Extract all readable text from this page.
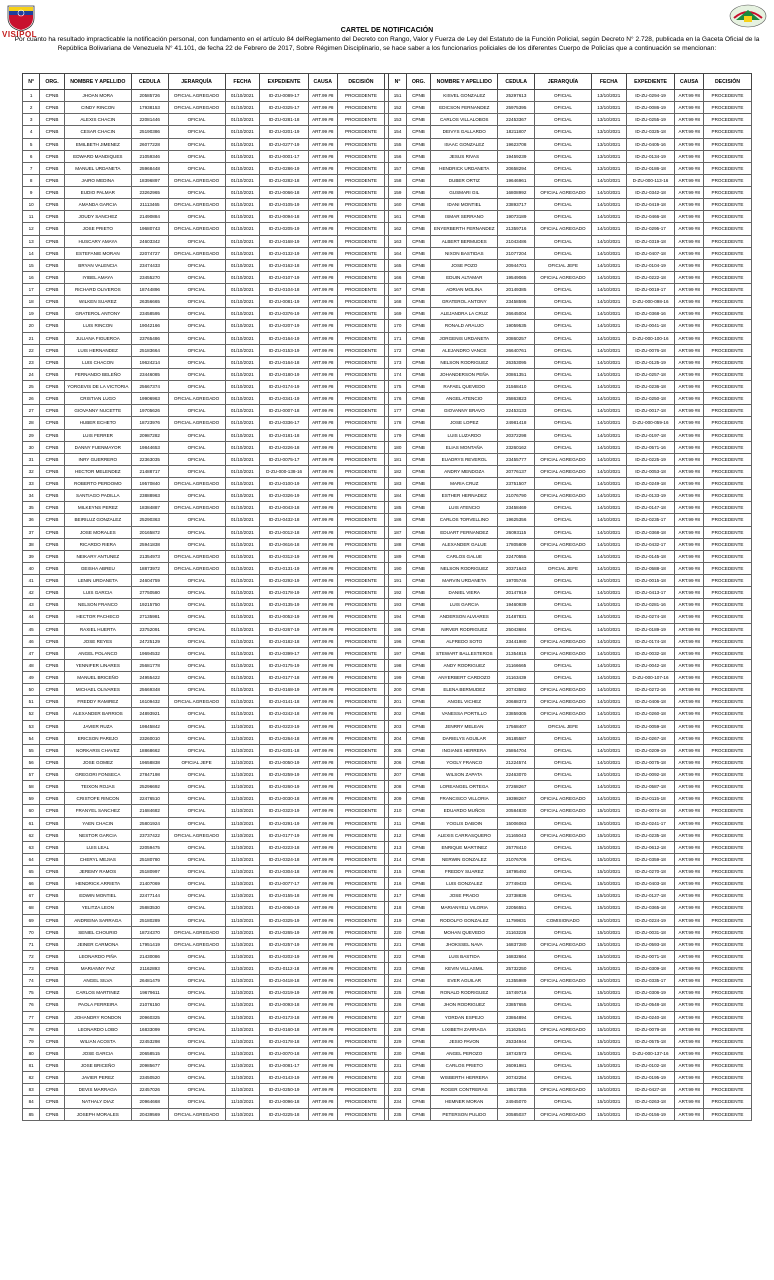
VISIPOL	CARTEL DE NOTIFICACIÓN
Por cuanto ha resultado impracticable la notificación personal, con fundamento en el artículo 84 delReglamento del Decreto con Rango, Valor y Fuerza de Ley del Estatuto de la Función Policial, según Decreto N° 2.728, publicada en la Gaceta Oficial de la República Bolivariana de Venezuela N° 41.101, de fecha 22 de Febrero de 2017, Sobre Régimen Disciplinario, se hace saber a los funcionarios policiales de los diferentes Cuerpo de Policías que a continuación se mencionan:
N°	ORG.	NOMBRE Y APELLIDO	CEDULA	JERARQUÍA	FECHA	EXPEDIENTE	CAUSA	DECISIÓN		N°	ORG.	NOMBRE Y APELLIDO	CEDULA	JERARQUÍA	FECHA	EXPEDIENTE	CAUSA	DECISIÓN
1	CPNB	JHOAN MORA	20585726	OFICIAL AGREGADO	01/10/2021	ID-ZU-0089-17	ART.99 #8	PROCEDENTE		151	CPNB	KISVEL GONZALEZ	25297613	OFICIAL	13/10/2021	ID-ZU-0294-19	ART.99 #8	PROCEDENTE
2	CPNB	CINDY RINCON	17938153	OFICIAL AGREGADO	01/10/2021	ID-ZU-0325-17	ART.99 #8	PROCEDENTE		152	CPNB	EDICSON FERNANDEZ	25975395	OFICIAL	13/10/2021	ID-ZU-0086-19	ART.99 #8	PROCEDENTE
3	CPNB	ALEXIS CHACIN	22081446	OFICIAL	01/10/2021	ID-ZU-0281-18	ART.99 #8	PROCEDENTE		153	CPNB	CARLOS VILLALOBOS	22453367	OFICIAL	13/10/2021	ID-ZU-0255-19	ART.99 #8	PROCEDENTE
4	CPNB	CESAR CHACIN	25190386	OFICIAL	01/10/2021	ID-ZU-0201-19	ART.99 #8	PROCEDENTE		154	CPNB	DEIVYS GALLARDO	18211807	OFICIAL	13/10/2021	ID-ZU-0325-18	ART.99 #8	PROCEDENTE
5	CPNB	EMILBETH JIMENEZ	26077228	OFICIAL	01/10/2021	ID-ZU-0277-19	ART.99 #8	PROCEDENTE		155	CPNB	ISAAC GONZALEZ	19623708	OFICIAL	13/10/2021	ID-ZU-0405-16	ART.99 #8	PROCEDENTE
6	CPNB	EDWARD MANDIQUES	21059346	OFICIAL	01/10/2021	ID-ZU-0001-17	ART.99 #8	PROCEDENTE		156	CPNB	JESUS RIVAS	19459239	OFICIAL	13/10/2021	ID-ZU-0134-19	ART.99 #8	PROCEDENTE
7	CPNB	MANUEL URDANETA	25968448	OFICIAL	01/10/2021	ID-ZU-0286-19	ART.99 #8	PROCEDENTE		157	CPNB	HENDRICK URDANETA	20658294	OFICIAL	13/10/2021	ID-ZU-0186-18	ART.99 #8	PROCEDENTE
8	CPNB	JAIRO MEDINA	18396897	OFICIAL AGREGADO	01/10/2021	ID-ZU-0282-18	ART.99 #8	PROCEDENTE		158	CPNB	DUBER ORTIZ	19646961	OFICIAL	14/10/2021	D-ZU-000-113-16	ART.99 #8	PROCEDENTE
9	CPNB	EUDIO PALMAR	23262965	OFICIAL	01/10/2021	ID-ZU-0066-18	ART.99 #8	PROCEDENTE		159	CPNB	GUSMARI GIL	16808992	OFICIAL AGREGADO	14/10/2021	ID-ZU-0342-18	ART.99 #8	PROCEDENTE
10	CPNB	AMANDA GARCIA	21113465	OFICIAL AGREGADO	01/10/2021	ID-ZU-0105-19	ART.99 #8	PROCEDENTE		160	CPNB	IDANI MONTIEL	23893717	OFICIAL	14/10/2021	ID-ZU-0419-18	ART.99 #8	PROCEDENTE
11	CPNB	JOUDY SANCHEZ	21490884	OFICIAL	01/10/2021	ID-ZU-0094-18	ART.99 #8	PROCEDENTE		161	CPNB	ISMAR SERRANO	19073189	OFICIAL	14/10/2021	ID-ZU-0466-18	ART.99 #8	PROCEDENTE
12	CPNB	JOSE PRIETO	19680743	OFICIAL AGREGADO	01/10/2021	ID-ZU-0205-19	ART.99 #8	PROCEDENTE		162	CPNB	ENYERBERTH FERNANDEZ	21359716	OFICIAL AGREGADO	14/10/2021	ID-ZU-0295-17	ART.99 #8	PROCEDENTE
13	CPNB	HUSCARY AMAYA	24603342	OFICIAL	01/10/2021	ID-ZU-0168-19	ART.99 #8	PROCEDENTE		163	CPNB	ALBERT BERMUDES	21043486	OFICIAL	14/10/2021	ID-ZU-0319-18	ART.99 #8	PROCEDENTE
14	CPNB	ESTEFANIE MORAN	22074727	OFICIAL AGREGADO	01/10/2021	ID-ZU-0132-19	ART.99 #8	PROCEDENTE		164	CPNB	NIXON BASTIDAS	21077204	OFICIAL	14/10/2021	ID-ZU-0407-18	ART.99 #8	PROCEDENTE
15	CPNB	BRYAN VALENCIA	23474433	OFICIAL	01/10/2021	ID-ZU-0162-18	ART.99 #8	PROCEDENTE		165	CPNB	JOSE POZO	20944701	OFICIAL JEFE	14/10/2021	ID-ZU-0104-19	ART.99 #8	PROCEDENTE
16	CPNB	IYIBEL AMAYA	23455270	OFICIAL	01/10/2021	ID-ZU-0107-19	ART.99 #8	PROCEDENTE		166	CPNB	EDUIN ALTAMAR	19549065	OFICIAL AGREGADO	14/10/2021	ID-ZU-0222-18	ART.99 #8	PROCEDENTE
17	CPNB	RICHARD OLIVEROS	18744896	OFICIAL	01/10/2021	ID-ZU-0104-18	ART.99 #8	PROCEDENTE		167	CPNB	ADRIAN MOLINA	20149385	OFICIAL	14/10/2021	ID-ZU-0019-17	ART.99 #8	PROCEDENTE
18	CPNB	WILKEN SUAREZ	26356665	OFICIAL	01/10/2021	ID-ZU-0081-19	ART.99 #8	PROCEDENTE		168	CPNB	GRATEROL ANTONY	23458595	OFICIAL	14/10/2021	D-ZU-000-098-16	ART.99 #8	PROCEDENTE
19	CPNB	GRATEROL ANTONY	23458595	OFICIAL	01/10/2021	ID-ZU-0376-19	ART.99 #8	PROCEDENTE		169	CPNB	ALEJANDRA LA CRUZ	26645004	OFICIAL	14/10/2021	ID-ZU-0368-16	ART.99 #8	PROCEDENTE
20	CPNB	LUIS RINCON	19042166	OFICIAL	01/10/2021	ID-ZU-0207-19	ART.99 #8	PROCEDENTE		170	CPNB	RONALD ARAUJO	19059535	OFICIAL	14/10/2021	ID-ZU-0041-18	ART.99 #8	PROCEDENTE
21	CPNB	JULIANA FIGUEROA	23765486	OFICIAL	01/10/2021	ID-ZU-0164-19	ART.99 #8	PROCEDENTE		171	CPNB	JORGENIS URDANETA	20860257	OFICIAL	14/10/2021	D-ZU-000-100-16	ART.99 #8	PROCEDENTE
22	CPNB	LUIS HERNANDEZ	25183664	OFICIAL	01/10/2021	ID-ZU-0153-19	ART.99 #8	PROCEDENTE		172	CPNB	ALEJANDRO VANCE	26640761	OFICIAL	14/10/2021	ID-ZU-0076-18	ART.99 #8	PROCEDENTE
23	CPNB	LUIS CHACON	19624214	OFICIAL	01/10/2021	ID-ZU-0164-18	ART.99 #8	PROCEDENTE		173	CPNB	NELSON RODRIGUEZ	26353095	OFICIAL	14/10/2021	ID-ZU-0125-19	ART.99 #8	PROCEDENTE
24	CPNB	FERNANDO BELEÑO	23446085	OFICIAL	01/10/2021	ID-ZU-0180-19	ART.99 #8	PROCEDENTE		174	CPNB	JOHANDERSON PEÑA	20861351	OFICIAL	14/10/2021	ID-ZU-0257-18	ART.99 #8	PROCEDENTE
25	CPNB	YORGEVIS DE LA VICTORIA	25667374	OFICIAL	01/10/2021	ID-ZU-0174-19	ART.99 #8	PROCEDENTE		175	CPNB	RAFAEL QUEVEDO	21568410	OFICIAL	14/10/2021	ID-ZU-0236-18	ART.99 #8	PROCEDENTE
26	CPNB	CRISTIAN LUGO	19906963	OFICIAL AGREGADO	01/10/2021	ID-ZU-0341-19	ART.99 #8	PROCEDENTE		176	CPNB	ANGEL ATENCIO	25863823	OFICIAL	14/10/2021	ID-ZU-0250-18	ART.99 #8	PROCEDENTE
27	CPNB	GIOVANNY NUCETTE	19705626	OFICIAL	01/10/2021	ID-ZU-0007-18	ART.99 #8	PROCEDENTE		177	CPNB	GIOVANNY BRAVO	22453133	OFICIAL	14/10/2021	ID-ZU-0017-18	ART.99 #8	PROCEDENTE
28	CPNB	HUBER ECHETO	18723976	OFICIAL AGREGADO	01/10/2021	ID-ZU-0336-17	ART.99 #8	PROCEDENTE		178	CPNB	JOSE LOPEZ	24981418	OFICIAL	14/10/2021	D-ZU-000-059-16	ART.99 #8	PROCEDENTE
29	CPNB	LUIS FERRER	20987282	OFICIAL	01/10/2021	ID-ZU-0181-18	ART.99 #8	PROCEDENTE		179	CPNB	LUIS LUZARDO	20372298	OFICIAL	14/10/2021	ID-ZU-0197-18	ART.99 #8	PROCEDENTE
30	CPNB	DANNY FUENMAYOR	19844653	OFICIAL	01/10/2021	ID-ZU-0226-18	ART.99 #8	PROCEDENTE		180	CPNB	ELIAS MONTAÑA	23260162	OFICIAL	14/10/2021	ID-ZU-0571-16	ART.99 #8	PROCEDENTE
31	CPNB	INRY GUERRERO	22363035	OFICIAL	01/10/2021	ID-ZU-0075-17	ART.99 #8	PROCEDENTE		181	CPNB	EUADRYS REVEROL	23455777	OFICIAL AGREGADO	14/10/2021	ID-ZU-0225-19	ART.99 #8	PROCEDENTE
32	CPNB	HECTOR MELENDEZ	21488717	OFICIAL	01/10/2021	D-ZU-000-138-16	ART.99 #8	PROCEDENTE		182	CPNB	ANDRY MENDOZA	20776137	OFICIAL AGREGADO	14/10/2021	ID-ZU-0053-18	ART.99 #8	PROCEDENTE
33	CPNB	ROBERTO PERDOMO	19570840	OFICIAL AGREGADO	01/10/2021	ID-ZU-0100-19	ART.99 #8	PROCEDENTE		183	CPNB	MARIA CRUZ	23751507	OFICIAL	14/10/2021	ID-ZU-0249-18	ART.99 #8	PROCEDENTE
34	CPNB	SANTIAGO PADILLA	23888963	OFICIAL	01/10/2021	ID-ZU-0326-19	ART.99 #8	PROCEDENTE		184	CPNB	ESTHER HERNADEZ	21076790	OFICIAL AGREGADO	14/10/2021	ID-ZU-0133-19	ART.99 #8	PROCEDENTE
35	CPNB	MILKEYNS PEREZ	18384887	OFICIAL AGREGADO	01/10/2021	ID-ZU-0043-18	ART.99 #8	PROCEDENTE		185	CPNB	LUIS ATENCIO	23458469	OFICIAL	14/10/2021	ID-ZU-0147-18	ART.99 #8	PROCEDENTE
36	CPNB	BEIRILUZ GONZALEZ	25290363	OFICIAL	01/10/2021	ID-ZU-0432-18	ART.99 #8	PROCEDENTE		186	CPNB	CARLOS TORVELLINO	19625356	OFICIAL	14/10/2021	ID-ZU-0235-17	ART.99 #8	PROCEDENTE
37	CPNB	JOSE MORALES	20165872	OFICIAL	01/10/2021	ID-ZU-0012-18	ART.99 #8	PROCEDENTE		187	CPNB	EDUART FERNANDEZ	26093115	OFICIAL	14/10/2021	ID-ZU-0368-18	ART.99 #8	PROCEDENTE
38	CPNB	RICARDO RIERA	25941838	OFICIAL	01/10/2021	ID-ZU-0616-18	ART.99 #8	PROCEDENTE		188	CPNB	ALEXANDER GALUE	17805809	OFICIAL AGREGADO	14/10/2021	ID-ZU-0432-17	ART.99 #8	PROCEDENTE
39	CPNB	NEIKARY ANTUNEZ	21354973	OFICIAL AGREGADO	01/10/2021	ID-ZU-0312-19	ART.99 #8	PROCEDENTE		189	CPNB	CARLOS GALUE	22470555	OFICIAL	14/10/2021	ID-ZU-0145-18	ART.99 #8	PROCEDENTE
40	CPNB	GEISHA ABREU	18873972	OFICIAL AGREGADO	01/10/2021	ID-ZU-0131-19	ART.99 #8	PROCEDENTE		190	CPNB	NELSON RODRIGUEZ	20371643	OFICIAL JEFE	14/10/2021	ID-ZU-0588-18	ART.99 #8	PROCEDENTE
41	CPNB	LENIN URDANETA	24604759	OFICIAL	01/10/2021	ID-ZU-0292-19	ART.99 #8	PROCEDENTE		191	CPNB	MARVIN URDANETA	19705746	OFICIAL	14/10/2021	ID-ZU-0015-18	ART.99 #8	PROCEDENTE
42	CPNB	LUIS GARCIA	27750580	OFICIAL	01/10/2021	ID-ZU-0178-19	ART.99 #8	PROCEDENTE		192	CPNB	DANIEL VIERA	20147919	OFICIAL	14/10/2021	ID-ZU-0413-17	ART.99 #8	PROCEDENTE
43	CPNB	NELSON FRANCO	19215750	OFICIAL	01/10/2021	ID-ZU-0135-19	ART.99 #8	PROCEDENTE		193	CPNB	LUIS GARCIA	19460939	OFICIAL	14/10/2021	ID-ZU-0281-16	ART.99 #8	PROCEDENTE
44	CPNB	HECTOR PACHECO	27135981	OFICIAL	01/10/2021	ID-ZU-0052-19	ART.99 #8	PROCEDENTE		194	CPNB	ANDERSON ALVIARES	21487831	OFICIAL	14/10/2021	ID-ZU-0274-18	ART.99 #8	PROCEDENTE
45	CPNB	RAXIEL HUERTA	23752091	OFICIAL	01/10/2021	ID-ZU-0267-19	ART.99 #8	PROCEDENTE		195	CPNB	NIRVER RODRIGUEZ	25043684	OFICIAL	14/10/2021	ID-ZU-0189-19	ART.99 #8	PROCEDENTE
46	CPNB	JOSE REYES	24725129	OFICIAL	01/10/2021	ID-ZU-0182-18	ART.99 #8	PROCEDENTE		196	CPNB	ALFREDO SOTO	23441980	OFICIAL AGREGADO	14/10/2021	ID-ZU-0174-18	ART.99 #8	PROCEDENTE
47	CPNB	ANGEL POLANCO	19694532	OFICIAL	01/10/2021	ID-ZU-0399-17	ART.99 #8	PROCEDENTE		197	CPNB	STEWART BALLESTEROS	21354815	OFICIAL AGREGADO	14/10/2021	ID-ZU-0032-18	ART.99 #8	PROCEDENTE
48	CPNB	YENNIFER LINARES	25681778	OFICIAL	01/10/2021	ID-ZU-0175-19	ART.99 #8	PROCEDENTE		198	CPNB	ANDY RODRIGUEZ	21166665	OFICIAL	14/10/2021	ID-ZU-0042-18	ART.99 #8	PROCEDENTE
49	CPNB	MANUEL BRICEÑO	24955422	OFICIAL	01/10/2021	ID-ZU-0177-18	ART.99 #8	PROCEDENTE		199	CPNB	ANYERBERT CARDOZO	21163439	OFICIAL	14/10/2021	D-ZU-000-107-16	ART.99 #8	PROCEDENTE
50	CPNB	MICHAEL OLIVARES	25669348	OFICIAL	01/10/2021	ID-ZU-0168-19	ART.99 #8	PROCEDENTE		200	CPNB	ELENA BERMUDEZ	20743582	OFICIAL AGREGADO	14/10/2021	ID-ZU-0272-16	ART.99 #8	PROCEDENTE
51	CPNB	FREDDY RAMIREZ	16109432	OFICIAL AGREGADO	01/10/2021	ID-ZU-0141-18	ART.99 #8	PROCEDENTE		201	CPNB	ANGEL VICHEZ	20688373	OFICIAL AGREGADO	14/10/2021	ID-ZU-0406-18	ART.99 #8	PROCEDENTE
52	CPNB	ALEXANDER BARRIOS	24893921	OFICIAL	01/10/2021	ID-ZU-0242-18	ART.99 #8	PROCEDENTE		202	CPNB	VANESSA PORTILLO	23859305	OFICIAL AGREGADO	14/10/2021	ID-ZU-0260-18	ART.99 #8	PROCEDENTE
53	CPNB	JAVIER RUZA	19845842	OFICIAL	11/10/2021	ID-ZU-0223-19	ART.99 #8	PROCEDENTE		203	CPNB	JENRRY MELEAN	17568407	OFICIAL JEFE	14/10/2021	ID-ZU-0059-18	ART.99 #8	PROCEDENTE
54	CPNB	ERICSON PAREJO	23260010	OFICIAL	11/10/2021	ID-ZU-0264-18	ART.99 #8	PROCEDENTE		204	CPNB	DARIELYS AGUILAR	26185587	OFICIAL	14/10/2021	ID-ZU-0267-18	ART.99 #8	PROCEDENTE
55	CPNB	NORKARIS CHAVEZ	18868662	OFICIAL	11/10/2021	ID-ZU-0201-18	ART.99 #8	PROCEDENTE		205	CPNB	INGIANIS HERRERA	25864704	OFICIAL	14/10/2021	ID-ZU-0209-19	ART.99 #8	PROCEDENTE
56	CPNB	JOSE GOMEZ	19658838	OFICIAL JEFE	11/10/2021	ID-ZU-0050-19	ART.99 #8	PROCEDENTE		206	CPNB	YOGLY FRANCO	21224574	OFICIAL	14/10/2021	ID-ZU-0075-18	ART.99 #8	PROCEDENTE
57	CPNB	GREGORI FONSECA	27847198	OFICIAL	11/10/2021	ID-ZU-0259-19	ART.99 #8	PROCEDENTE		207	CPNB	WILSON ZAPATA	22463070	OFICIAL	14/10/2021	ID-ZU-0092-18	ART.99 #8	PROCEDENTE
58	CPNB	TEIXON ROJAS	25296692	OFICIAL	11/10/2021	ID-ZU-0260-19	ART.99 #8	PROCEDENTE		208	CPNB	LOREANGEL ORTEGA	27268267	OFICIAL	14/10/2021	ID-ZU-0587-18	ART.99 #8	PROCEDENTE
59	CPNB	CRISTOFE RINCON	22476510	OFICIAL	11/10/2021	ID-ZU-0030-18	ART.99 #8	PROCEDENTE		209	CPNB	FRANCISCO VILLORIA	19398267	OFICIAL AGREGADO	14/10/2021	ID-ZU-0115-18	ART.99 #8	PROCEDENTE
60	CPNB	FRANYEL SANCHEZ	21684682	OFICIAL	11/10/2021	ID-ZU-0323-19	ART.99 #8	PROCEDENTE		210	CPNB	EDUARDO MUÑOS	20584830	OFICIAL AGREGADO	15/10/2021	ID-ZU-0074-18	ART.99 #8	PROCEDENTE
61	CPNB	YAEN CHACIN	25801924	OFICIAL	11/10/2021	ID-ZU-0291-19	ART.99 #8	PROCEDENTE		211	CPNB	YOGLIS DABOIN	15006063	OFICIAL	15/10/2021	ID-ZU-0241-17	ART.99 #8	PROCEDENTE
62	CPNB	NESTOR GARCIA	23737422	OFICIAL AGREGADO	11/10/2021	ID-ZU-0177-19	ART.99 #8	PROCEDENTE		212	CPNB	ALEXIS CARRASQUERO	21165043	OFICIAL AGREGADO	15/10/2021	ID-ZU-0235-18	ART.99 #8	PROCEDENTE
63	CPNB	LUIS LEAL	22059475	OFICIAL	11/10/2021	ID-ZU-0223-18	ART.99 #8	PROCEDENTE		213	CPNB	ENRIQUE MARTINEZ	25778410	OFICIAL	15/10/2021	ID-ZU-0612-18	ART.99 #8	PROCEDENTE
64	CPNB	CHERYL MEJIAS	25180780	OFICIAL	11/10/2021	ID-ZU-0324-18	ART.99 #8	PROCEDENTE		214	CPNB	NERWIN GONZALEZ	21076706	OFICIAL	15/10/2021	ID-ZU-0359-18	ART.99 #8	PROCEDENTE
65	CPNB	JEREMY RAMOS	25180997	OFICIAL	11/10/2021	ID-ZU-0304-18	ART.99 #8	PROCEDENTE		215	CPNB	FREDDY SUAREZ	18795492	OFICIAL	15/10/2021	ID-ZU-0270-18	ART.99 #8	PROCEDENTE
66	CPNB	HENDRICK ARRIETA	21407069	OFICIAL	11/10/2021	ID-ZU-0077-17	ART.99 #8	PROCEDENTE		216	CPNB	LUIS GONZALEZ	27749433	OFICIAL	15/10/2021	ID-ZU-0403-18	ART.99 #8	PROCEDENTE
67	CPNB	EDWIN MONTIEL	22477144	OFICIAL	11/10/2021	ID-ZU-0155-18	ART.99 #8	PROCEDENTE		217	CPNB	JOSE PRADO	23738836	OFICIAL	15/10/2021	ID-ZU-0127-18	ART.99 #8	PROCEDENTE
68	CPNB	YELITZA LEON	25883530	OFICIAL	11/10/2021	ID-ZU-0060-19	ART.99 #8	PROCEDENTE		218	CPNB	MARIANYELI VILORIA	22056551	OFICIAL	15/10/2021	ID-ZU-0365-18	ART.99 #8	PROCEDENTE
69	CPNB	ANDREINA SARRAGA	25180289	OFICIAL	11/10/2021	ID-ZU-0325-19	ART.99 #8	PROCEDENTE		219	CPNB	RODOLFO GONZALEZ	11799831	COMISIONADO	15/10/2021	ID-ZU-0224-19	ART.99 #8	PROCEDENTE
70	CPNB	SENIEL CHOURIO	18724370	OFICIAL AGREGADO	11/10/2021	ID-ZU-0265-19	ART.99 #8	PROCEDENTE		220	CPNB	MOHAN QUEVEDO	21163226	OFICIAL	15/10/2021	ID-ZU-0031-18	ART.99 #8	PROCEDENTE
71	CPNB	JEINER CARMONA	17951419	OFICIAL AGREGADO	11/10/2021	ID-ZU-0257-19	ART.99 #8	PROCEDENTE		221	CPNB	JHOKSSEL NAVA	16837280	OFICIAL AGREGADO	15/10/2021	ID-ZU-0593-18	ART.99 #8	PROCEDENTE
72	CPNB	LEONARDO PIÑA	21430086	OFICIAL	11/10/2021	ID-ZU-0202-19	ART.99 #8	PROCEDENTE		222	CPNB	LUIS BASTIDA	16832664	OFICIAL	15/10/2021	ID-ZU-0071-18	ART.99 #8	PROCEDENTE
73	CPNB	MARIANNY PAZ	21162893	OFICIAL	11/10/2021	ID-ZU-0112-18	ART.99 #8	PROCEDENTE		223	CPNB	KEVIN VILLASMIL	25732250	OFICIAL	15/10/2021	ID-ZU-0309-18	ART.99 #8	PROCEDENTE
74	CPNB	ANGEL SILVA	26481479	OFICIAL	11/10/2021	ID-ZU-0418-18	ART.99 #8	PROCEDENTE		224	CPNB	EVER AGUILAR	21355989	OFICIAL AGREGADO	15/10/2021	ID-ZU-0335-17	ART.99 #8	PROCEDENTE
75	CPNB	CARLOS MARTINEZ	19679611	OFICIAL	11/10/2021	ID-ZU-0219-19	ART.99 #8	PROCEDENTE		225	CPNB	RONALD RODRIGUEZ	15749716	OFICIAL	15/10/2021	ID-ZU-0306-19	ART.99 #8	PROCEDENTE
76	CPNB	PAOLA FERREIRA	21076150	OFICIAL	11/10/2021	ID-ZU-0093-18	ART.99 #8	PROCEDENTE		226	CPNB	JHON RODRIGUEZ	23857655	OFICIAL	15/10/2021	ID-ZU-0548-18	ART.99 #8	PROCEDENTE
77	CPNB	JOHANDRY RONDON	20960325	OFICIAL	11/10/2021	ID-ZU-0173-18	ART.99 #8	PROCEDENTE		227	CPNB	YORDAN ESPEJO	23864894	OFICIAL	15/10/2021	ID-ZU-0240-18	ART.99 #8	PROCEDENTE
78	CPNB	LEONARDO LOBO	16833099	OFICIAL	11/10/2021	ID-ZU-0160-18	ART.99 #8	PROCEDENTE		228	CPNB	LIXIBETH ZARRAGA	21162541	OFICIAL AGREGADO	15/10/2021	ID-ZU-0079-18	ART.99 #8	PROCEDENTE
79	CPNB	WILIAN ACOSTA	22453298	OFICIAL	11/10/2021	ID-ZU-0178-18	ART.99 #8	PROCEDENTE		229	CPNB	JESIO PAVON	25334944	OFICIAL	15/10/2021	ID-ZU-0575-18	ART.99 #8	PROCEDENTE
80	CPNB	JOSE GARCIA	20658515	OFICIAL	11/10/2021	ID-ZU-0070-18	ART.99 #8	PROCEDENTE		230	CPNB	ANGEL PEROZO	18742573	OFICIAL	15/10/2021	D-ZU-000-137-16	ART.99 #8	PROCEDENTE
81	CPNB	JOSE BRICEÑO	20985677	OFICIAL	11/10/2021	ID-ZU-0081-17	ART.99 #8	PROCEDENTE		231	CPNB	CARLOS PRIETO	26091981	OFICIAL	15/10/2021	ID-ZU-0102-18	ART.99 #8	PROCEDENTE
82	CPNB	JAVIER PEREZ	23450520	OFICIAL	11/10/2021	ID-ZU-0143-19	ART.99 #8	PROCEDENTE		232	CPNB	WISBERTH HERRERA	20742254	OFICIAL	15/10/2021	ID-ZU-0195-19	ART.99 #8	PROCEDENTE
83	CPNB	DEVIS MARRAGA	22457026	OFICIAL	11/10/2021	ID-ZU-0250-19	ART.99 #8	PROCEDENTE		233	CPNB	ROGER CONTRERAS	18517355	OFICIAL AGREGADO	15/10/2021	ID-ZU-0427-18	ART.99 #8	PROCEDENTE
84	CPNB	NATHALY DIAZ	20964668	OFICIAL	11/10/2021	ID-ZU-0096-18	ART.99 #8	PROCEDENTE		234	CPNB	HEMNER MORAN	24945070	OFICIAL	15/10/2021	ID-ZU-0263-18	ART.99 #8	PROCEDENTE
85	CPNB	JOSEPH MORALES	20439569	OFICIAL AGREGADO	11/10/2021	ID-ZU-0225-18	ART.99 #8	PROCEDENTE		235	CPNB	PETERSON PULIDO	20585037	OFICIAL AGREGADO	15/10/2021	ID-ZU-0156-19	ART.99 #8	PROCEDENTE
